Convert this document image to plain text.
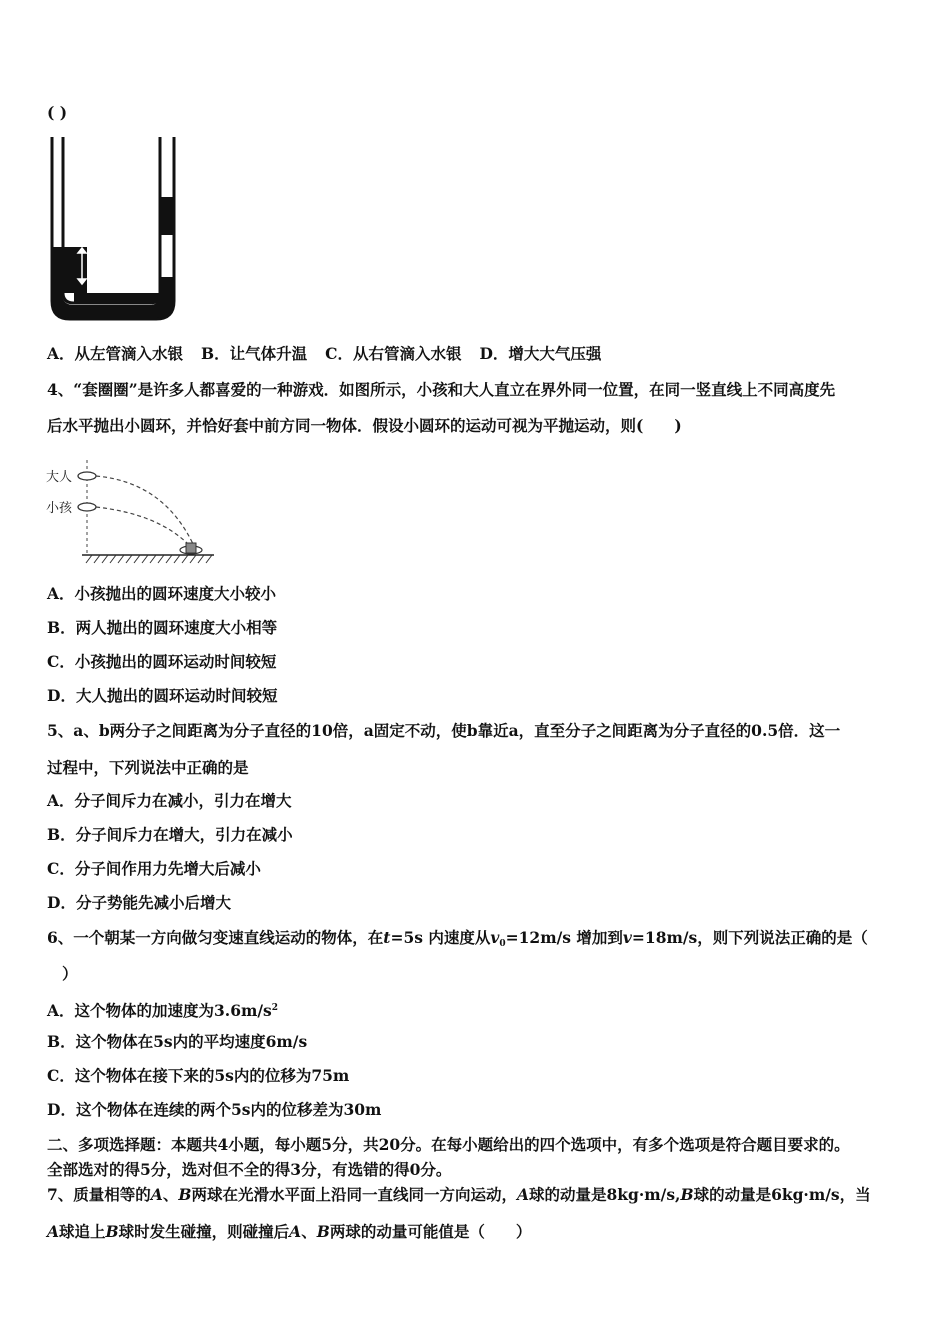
( )
h
A．从左管滴入水银 B．让气体升温 C．从右管滴入水银 D．增大大气压强
4、“套圈圈”是许多人都喜爱的一种游戏．如图所示，小孩和大人直立在界外同一位置，在同一竖直线上不同高度先
后水平抛出小圆环，并恰好套中前方同一物体．假设小圆环的运动可视为平抛运动，则(　　)
大人
小孩
A．小孩抛出的圆环速度大小较小
B．两人抛出的圆环速度大小相等
C．小孩抛出的圆环运动时间较短
D．大人抛出的圆环运动时间较短
5、a、b两分子之间距离为分子直径的10倍，a固定不动，使b靠近a，直至分子之间距离为分子直径的0.5倍．这一
过程中，下列说法中正确的是
A．分子间斥力在减小，引力在增大
B．分子间斥力在增大，引力在减小
C．分子间作用力先增大后减小
D．分子势能先减小后增大
6、一个朝某一方向做匀变速直线运动的物体，在t=5s 内速度从$v_0=12m/s$ 增加到v=18m/s，则下列说法正确的是（
）
A．这个物体的加速度为$3.6m/s^2$
B．这个物体在5s内的平均速度6m/s
C．这个物体在接下来的5s内的位移为75m
D．这个物体在连续的两个5s内的位移差为30m
二、多项选择题：本题共4小题，每小题5分，共20分。在每小题给出的四个选项中，有多个选项是符合题目要求的。
全部选对的得5分，选对但不全的得3分，有选错的得0分。
7、质量相等的A、B两球在光滑水平面上沿同一直线同一方向运动，A球的动量是8kg·m/s,B球的动量是6kg·m/s，当
A球追上B球时发生碰撞，则碰撞后A、B两球的动量可能值是（　　）
